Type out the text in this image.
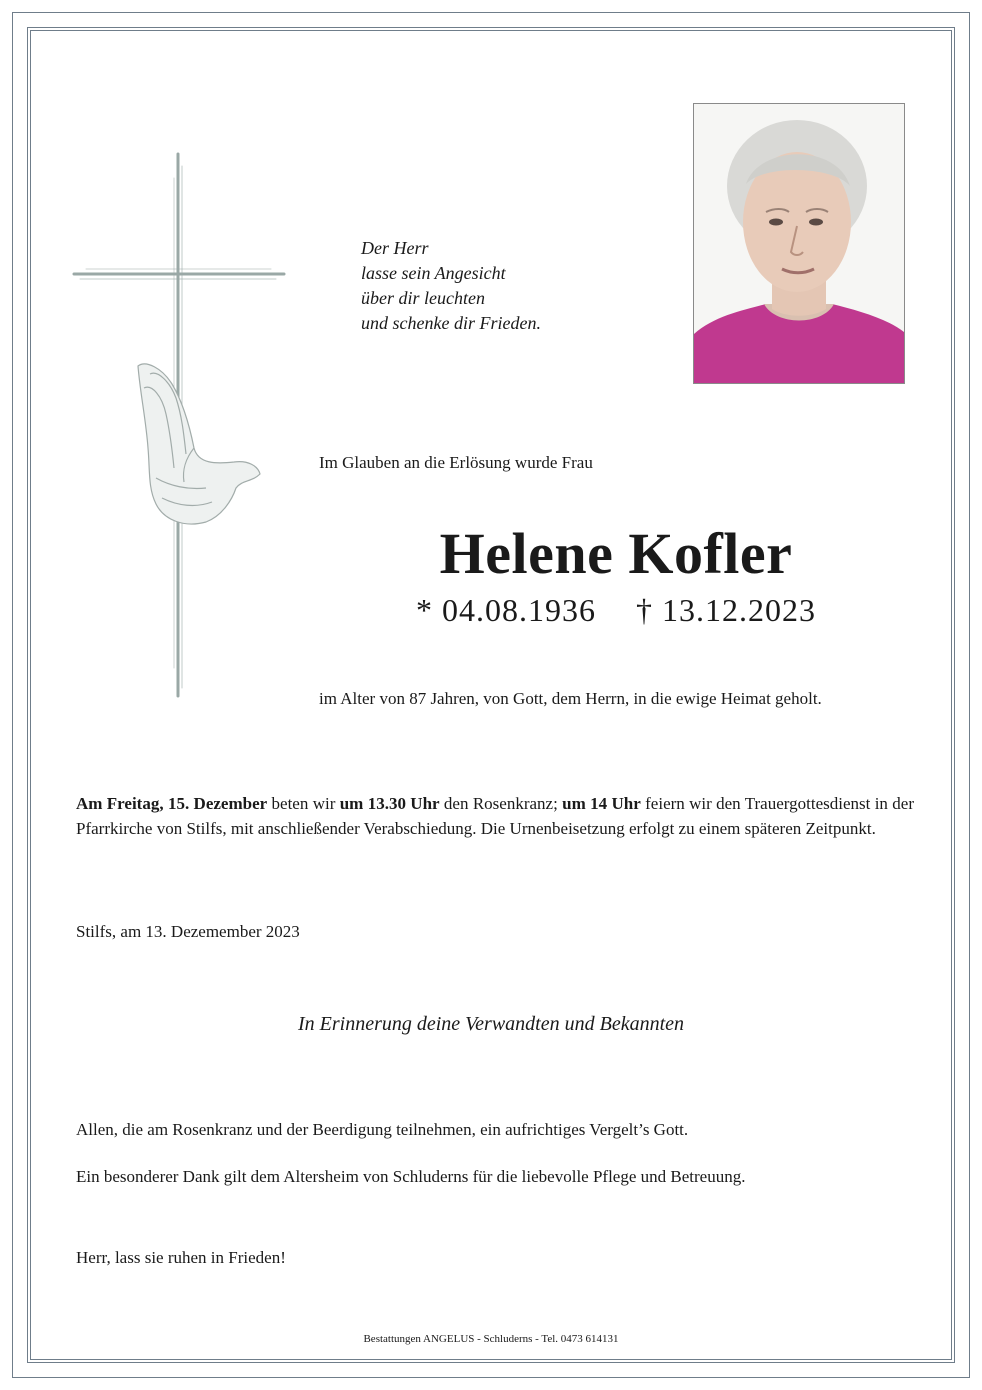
Der Herr
lasse sein Angesicht
über dir leuchten
und schenke dir Frieden.
Im Glauben an die Erlösung wurde Frau
Helene Kofler
* 04.08.1936 † 13.12.2023
im Alter von 87 Jahren, von Gott, dem Herrn, in die ewige Heimat geholt.
Am Freitag, 15. Dezember beten wir um 13.30 Uhr den Rosenkranz; um 14 Uhr feiern wir den Trauergottesdienst in der Pfarrkirche von Stilfs, mit anschließender Verabschiedung. Die Urnenbeisetzung erfolgt zu einem späteren Zeitpunkt.
Stilfs, am 13. Dezemember 2023
In Erinnerung deine Verwandten und Bekannten
Allen, die am Rosenkranz und der Beerdigung teilnehmen, ein aufrichtiges Vergelt’s Gott.
Ein besonderer Dank gilt dem Altersheim von Schluderns für die liebevolle Pflege und Betreuung.
Herr, lass sie ruhen in Frieden!
Bestattungen ANGELUS - Schluderns - Tel. 0473 614131
